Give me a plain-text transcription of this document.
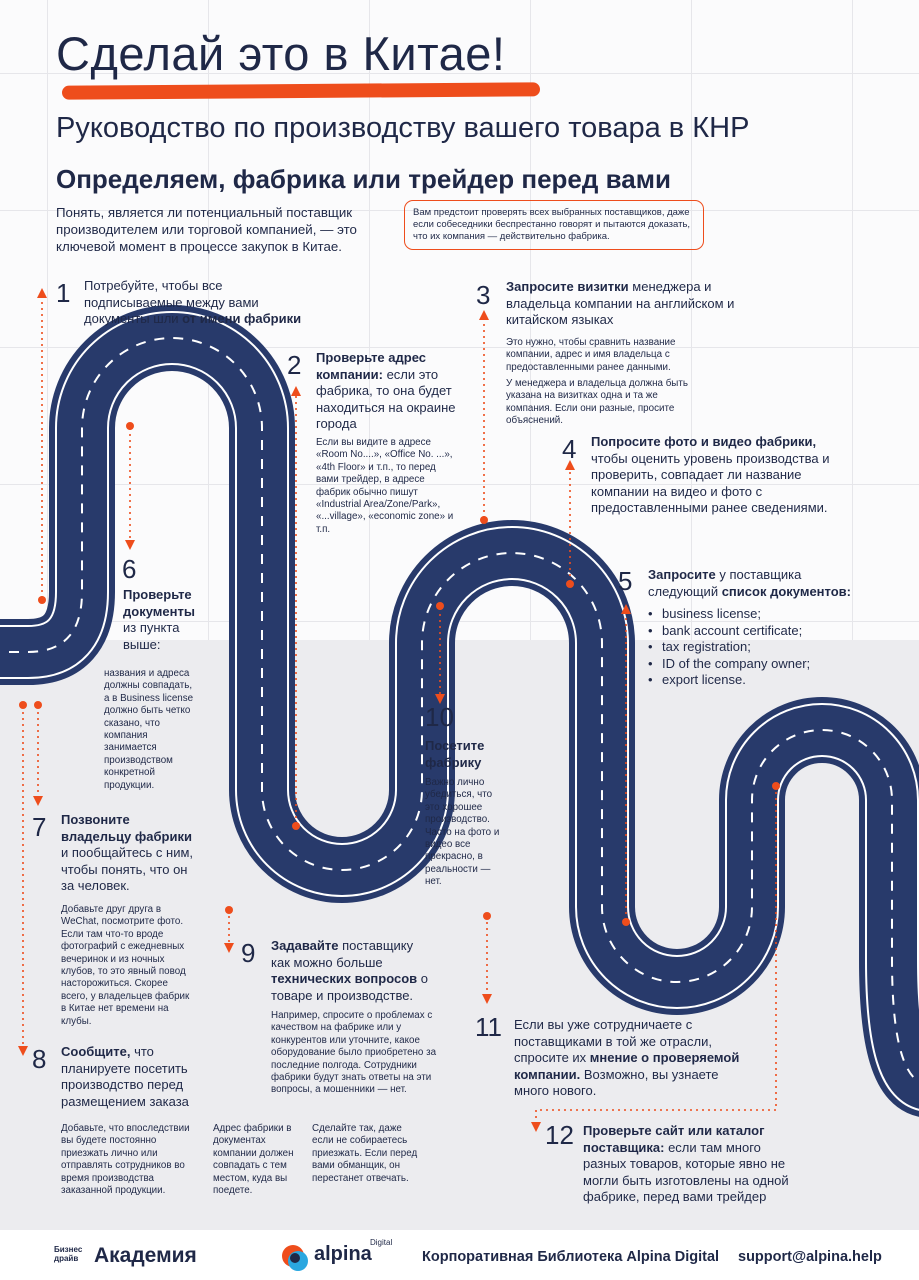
Сделай это в Китае!
Руководство по производству вашего товара в КНР
Определяем, фабрика или трейдер перед вами
Понять, является ли потенциальный поставщик производителем или торговой компанией, — это ключевой момент в процессе закупок в Китае.
Вам предстоит проверять всех выбранных поставщиков, даже если собеседники беспрестанно говорят и пытаются доказать, что их компания — действительно фабрика.
1 Потребуйте, чтобы все подписываемые между вами документы шли от имени фабрики
2 Проверьте адрес компании: если это фабрика, то она будет находиться на окраине города
Если вы видите в адресе «Room No....», «Office No. ...», «4th Floor» и т.п., то перед вами трейдер, в адресе фабрик обычно пишут «Industrial Area/Zone/Park», «...village», «economic zone» и т.п.
3 Запросите визитки менеджера и владельца компании на английском и китайском языках
Это нужно, чтобы сравнить название компании, адрес и имя владельца с предоставленными ранее данными.
У менеджера и владельца должна быть указана на визитках одна и та же компания. Если они разные, просите объяснений.
4 Попросите фото и видео фабрики, чтобы оценить уровень производства и проверить, совпадает ли название компании на видео и фото с предоставленными ранее сведениями.
5 Запросите у поставщика следующий список документов:
• business license;
• bank account certificate;
• tax registration;
• ID of the company owner;
• export license.
6
Проверьте документы из пункта выше:
названия и адреса должны совпадать, а в Business license должно быть четко сказано, что компания занимается производством конкретной продукции.
7 Позвоните владельцу фабрики и пообщайтесь с ним, чтобы понять, что он за человек.
Добавьте друг друга в WeChat, посмотрите фото. Если там что-то вроде фотографий с ежедневных вечеринок и из ночных клубов, то это явный повод насторожиться. Скорее всего, у владельцев фабрик в Китае нет времени на клубы.
8 Сообщите, что планируете посетить производство перед размещением заказа
Добавьте, что впоследствии вы будете постоянно приезжать лично или отправлять сотрудников во время производства заказанной продукции.
Адрес фабрики в документах компании должен совпадать с тем местом, куда вы поедете.
Сделайте так, даже если не собираетесь приезжать. Если перед вами обманщик, он перестанет отвечать.
9 Задавайте поставщику как можно больше технических вопросов о товаре и производстве.
Например, спросите о проблемах с качеством на фабрике или у конкурентов или уточните, какое оборудование было приобретено за последние полгода. Сотрудники фабрики будут знать ответы на эти вопросы, а мошенники — нет.
10
Посетите фабрику
Важно лично убедиться, что это хорошее производство. Часто на фото и видео все прекрасно, в реальности — нет.
11 Если вы уже сотрудничаете с поставщиками в той же отрасли, спросите их мнение о проверяемой компании. Возможно, вы узнаете много нового.
12 Проверьте сайт или каталог поставщика: если там много разных товаров, которые явно не могли быть изготовлены на одной фабрике, перед вами трейдер
Бизнес драйв Академия	alpina
Digital
Корпоративная Библиотека Alpina Digital support@alpina.help
